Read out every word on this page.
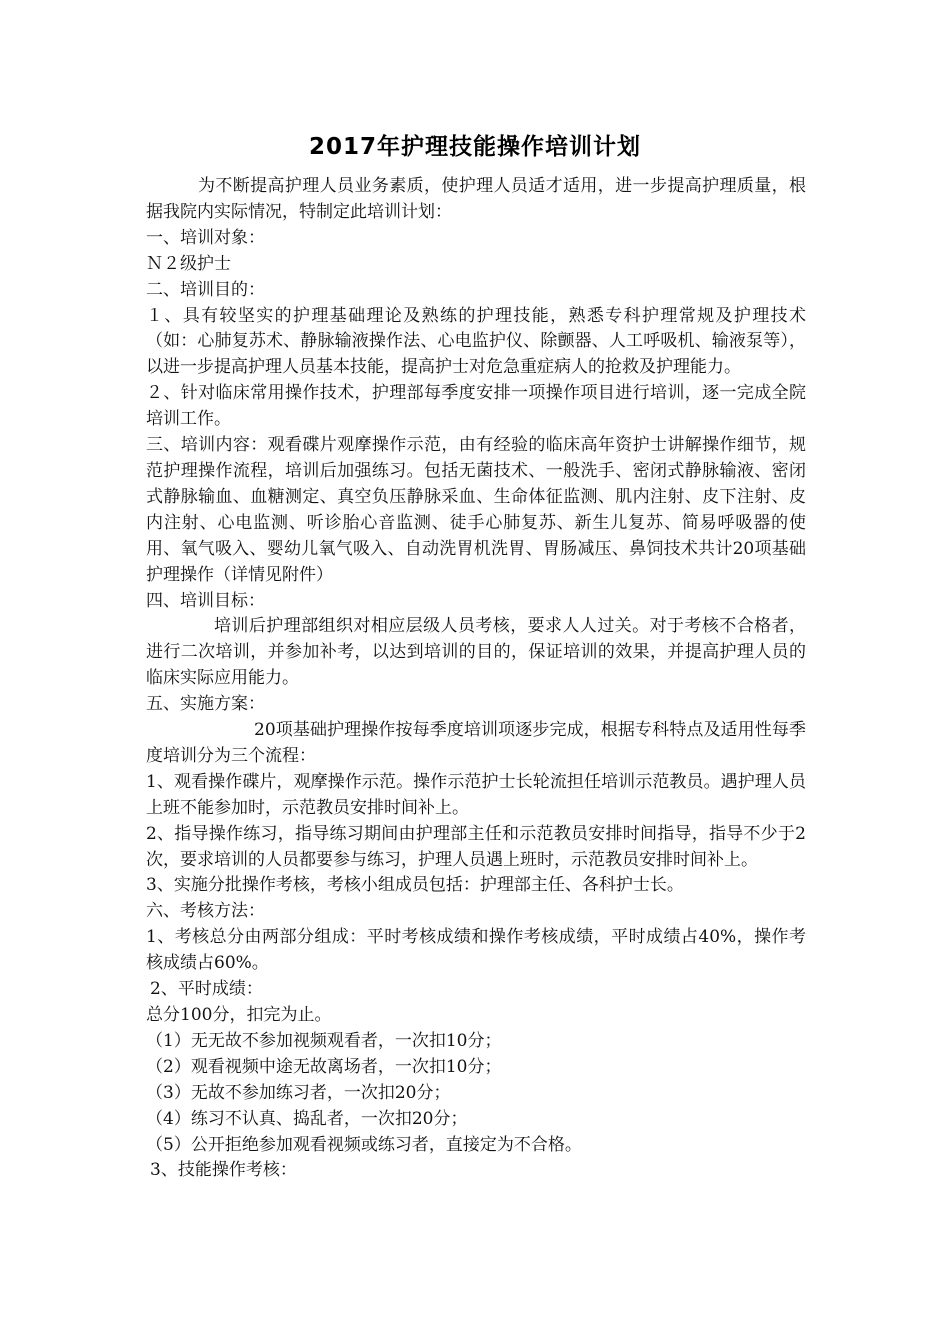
2017年护理技能操作培训计划

为不断提高护理人员业务素质，使护理人员适才适用，进一步提高护理质量，根据我院内实际情况，特制定此培训计划：

一、培训对象：

Ｎ２级护士

二、培训目的：

１、具有较坚实的护理基础理论及熟练的护理技能，熟悉专科护理常规及护理技术（如：心肺复苏术、静脉输液操作法、心电监护仪、除颤器、人工呼吸机、输液泵等），以进一步提高护理人员基本技能，提高护士对危急重症病人的抢救及护理能力。

２、针对临床常用操作技术，护理部每季度安排一项操作项目进行培训，逐一完成全院培训工作。

三、培训内容：观看碟片观摩操作示范，由有经验的临床高年资护士讲解操作细节，规范护理操作流程，培训后加强练习。包括无菌技术、一般洗手、密闭式静脉输液、密闭式静脉输血、血糖测定、真空负压静脉采血、生命体征监测、肌内注射、皮下注射、皮内注射、心电监测、听诊胎心音监测、徒手心肺复苏、新生儿复苏、简易呼吸器的使用、氧气吸入、婴幼儿氧气吸入、自动洗胃机洗胃、胃肠减压、鼻饲技术共计20项基础护理操作（详情见附件）

四、培训目标：

培训后护理部组织对相应层级人员考核，要求人人过关。对于考核不合格者，进行二次培训，并参加补考，以达到培训的目的，保证培训的效果，并提高护理人员的临床实际应用能力。

五、实施方案：

20项基础护理操作按每季度培训项逐步完成，根据专科特点及适用性每季度培训分为三个流程：

1、观看操作碟片，观摩操作示范。操作示范护士长轮流担任培训示范教员。遇护理人员上班不能参加时，示范教员安排时间补上。

2、指导操作练习，指导练习期间由护理部主任和示范教员安排时间指导，指导不少于2次，要求培训的人员都要参与练习，护理人员遇上班时，示范教员安排时间补上。

3、实施分批操作考核，考核小组成员包括：护理部主任、各科护士长。

六、考核方法：

1、考核总分由两部分组成：平时考核成绩和操作考核成绩，平时成绩占40%，操作考核成绩占60%。

2、平时成绩：

总分100分，扣完为止。

（1）无无故不参加视频观看者，一次扣10分；

（2）观看视频中途无故离场者，一次扣10分；

（3）无故不参加练习者，一次扣20分；

（4）练习不认真、捣乱者，一次扣20分；

（5）公开拒绝参加观看视频或练习者，直接定为不合格。

3、技能操作考核：
